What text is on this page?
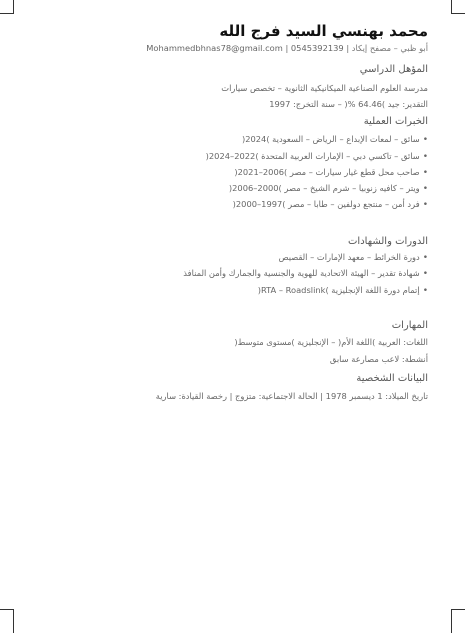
محمد بهنسي السيد فرج الله
Mohammedbhnas78@gmail.com | 0545392139 | أبو ظبي – مصفح إيكاد
المؤهل الدراسي
مدرسة العلوم الصناعية الميكانيكية الثانوية – تخصص سيارات
التقدير: جيد )64.46 %( – سنة التخرج: 1997
الخبرات العملية
•سائق – لمعات الإبداع – الرياض – السعودية )2024(
•سائق – تاكسي دبي – الإمارات العربية المتحدة )2022–2024(
•صاحب محل قطع غيار سيارات – مصر )2006–2021(
•ويتر – كافيه زنوبيا – شرم الشيخ – مصر )2000–2006(
•فرد أمن – منتجع دولفين – طابا – مصر )1997–2000(
الدورات والشهادات
•دورة الخرائط – معهد الإمارات – القصيص
•شهادة تقدير – الهيئة الاتحادية للهوية والجنسية والجمارك وأمن المنافذ
•إتمام دورة اللغة الإنجليزية )RTA – Roadslink(
المهارات
اللغات: العربية )اللغة الأم( – الإنجليزية )مستوى متوسط(
أنشطة: لاعب مصارعة سابق
البيانات الشخصية
تاريخ الميلاد: 1 ديسمبر 1978 | الحالة الاجتماعية: متزوج | رخصة القيادة: سارية
